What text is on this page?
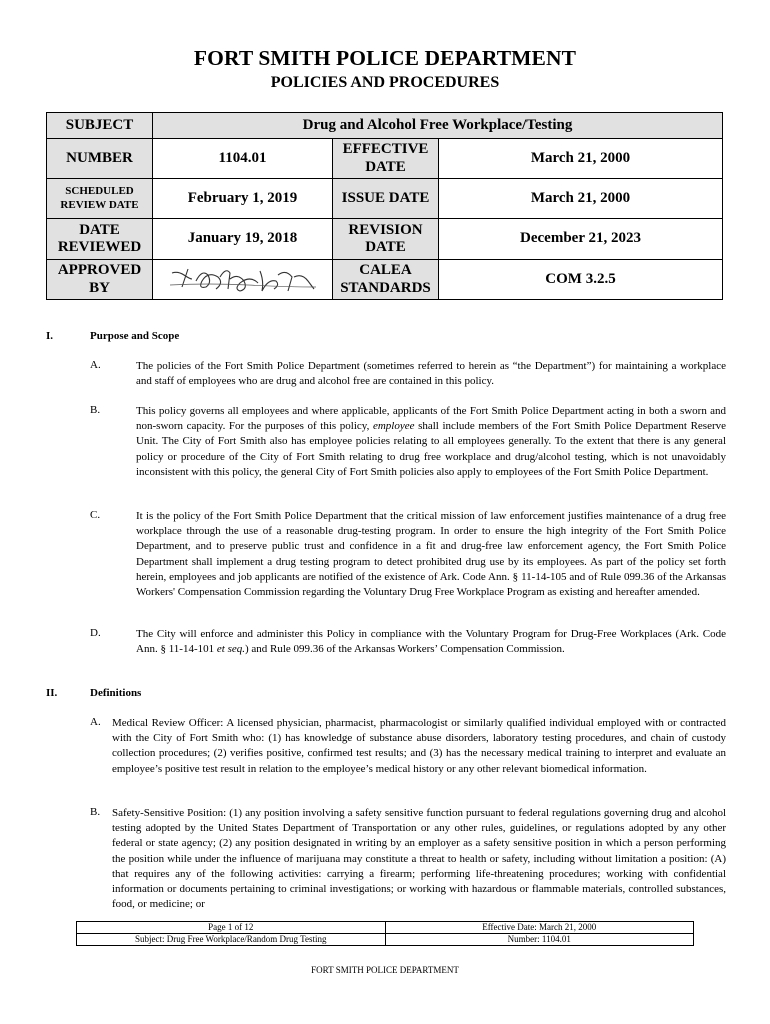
FORT SMITH POLICE DEPARTMENT
POLICIES AND PROCEDURES
SUBJECT	Drug and Alcohol Free Workplace/Testing		
NUMBER	1104.01	EFFECTIVE DATE	March 21, 2000
SCHEDULED REVIEW DATE	February 1, 2019	ISSUE DATE	March 21, 2000
DATE REVIEWED	January 19, 2018	REVISION DATE	December 21, 2023
APPROVED BY		CALEA STANDARDS	COM 3.2.5
I.	Purpose and Scope
A.	The policies of the Fort Smith Police Department (sometimes referred to herein as “the Department”) for maintaining a workplace and staff of employees who are drug and alcohol free are contained in this policy.
B.	This policy governs all employees and where applicable, applicants of the Fort Smith Police Department acting in both a sworn and non-sworn capacity. For the purposes of this policy, employee shall include members of the Fort Smith Police Department Reserve Unit. The City of Fort Smith also has employee policies relating to all employees generally. To the extent that there is any general policy or procedure of the City of Fort Smith relating to drug free workplace and drug/alcohol testing, which is not unavoidably inconsistent with this policy, the general City of Fort Smith policies also apply to employees of the Fort Smith Police Department.
C.	It is the policy of the Fort Smith Police Department that the critical mission of law enforcement justifies maintenance of a drug free workplace through the use of a reasonable drug-testing program. In order to ensure the high integrity of the Fort Smith Police Department, and to preserve public trust and confidence in a fit and drug-free law enforcement agency, the Fort Smith Police Department shall implement a drug testing program to detect prohibited drug use by its employees. As part of the policy set forth herein, employees and job applicants are notified of the existence of Ark. Code Ann. § 11-14-105 and of Rule 099.36 of the Arkansas Workers' Compensation Commission regarding the Voluntary Drug Free Workplace Program as existing and hereafter amended.
D.	The City will enforce and administer this Policy in compliance with the Voluntary Program for Drug-Free Workplaces (Ark. Code Ann. § 11-14-101 et seq.) and Rule 099.36 of the Arkansas Workers’ Compensation Commission.
II.	Definitions
A. Medical Review Officer: A licensed physician, pharmacist, pharmacologist or similarly qualified individual employed with or contracted with the City of Fort Smith who: (1) has knowledge of substance abuse disorders, laboratory testing procedures, and chain of custody collection procedures; (2) verifies positive, confirmed test results; and (3) has the necessary medical training to interpret and evaluate an employee’s positive test result in relation to the employee’s medical history or any other relevant biomedical information.
B. Safety-Sensitive Position: (1) any position involving a safety sensitive function pursuant to federal regulations governing drug and alcohol testing adopted by the United States Department of Transportation or any other rules, guidelines, or regulations adopted by any other federal or state agency; (2) any position designated in writing by an employer as a safety sensitive position in which a person performing the position while under the influence of marijuana may constitute a threat to health or safety, including without limitation a position: (A) that requires any of the following activities: carrying a firearm; performing life-threatening procedures; working with confidential information or documents pertaining to criminal investigations; or working with hazardous or flammable materials, controlled substances, food, or medicine; or
Page 1 of 12	Effective Date: March 21, 2000
Subject: Drug Free Workplace/Random Drug Testing	Number: 1104.01
FORT SMITH POLICE DEPARTMENT
